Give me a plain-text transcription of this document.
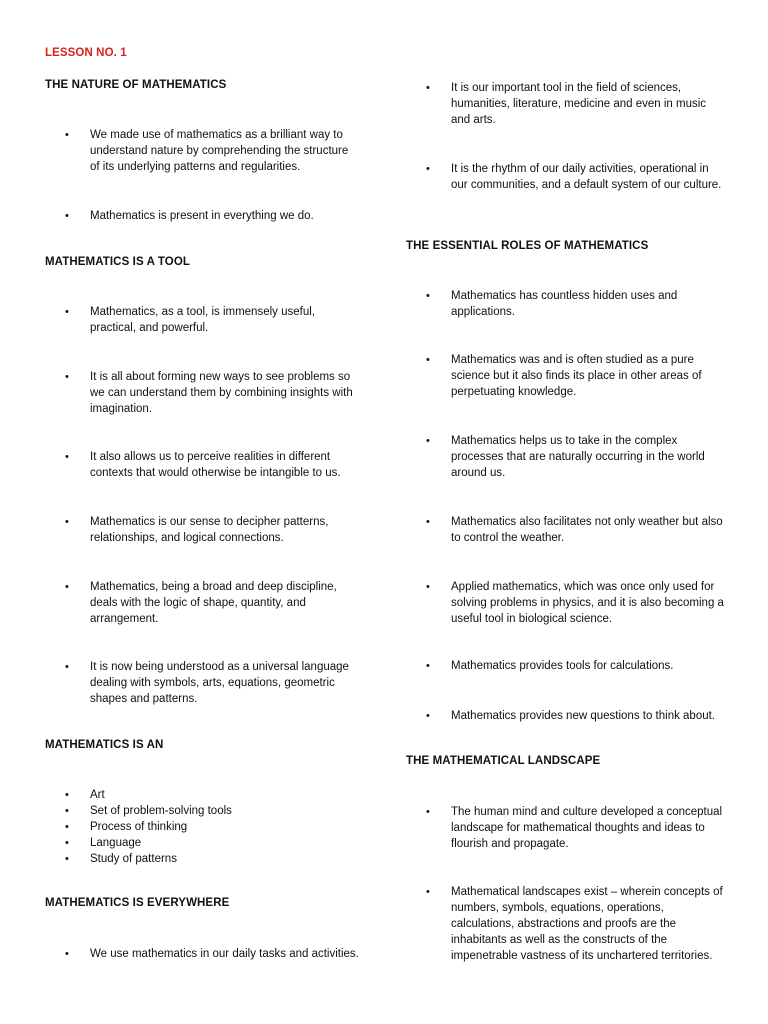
LESSON NO. 1
THE NATURE OF MATHEMATICS
• We made use of mathematics as a brilliant way to understand nature by comprehending the structure of its underlying patterns and regularities.
• Mathematics is present in everything we do.
MATHEMATICS IS A TOOL
• Mathematics, as a tool, is immensely useful, practical, and powerful.
• It is all about forming new ways to see problems so we can understand them by combining insights with imagination.
• It also allows us to perceive realities in different contexts that would otherwise be intangible to us.
• Mathematics is our sense to decipher patterns, relationships, and logical connections.
• Mathematics, being a broad and deep discipline, deals with the logic of shape, quantity, and arrangement.
• It is now being understood as a universal language dealing with symbols, arts, equations, geometric shapes and patterns.
MATHEMATICS IS AN
• Art
• Set of problem-solving tools
• Process of thinking
• Language
• Study of patterns
MATHEMATICS IS EVERYWHERE
• We use mathematics in our daily tasks and activities.
• It is our important tool in the field of sciences, humanities, literature, medicine and even in music and arts.
• It is the rhythm of our daily activities, operational in our communities, and a default system of our culture.
THE ESSENTIAL ROLES OF MATHEMATICS
• Mathematics has countless hidden uses and applications.
• Mathematics was and is often studied as a pure science but it also finds its place in other areas of perpetuating knowledge.
• Mathematics helps us to take in the complex processes that are naturally occurring in the world around us.
• Mathematics also facilitates not only weather but also to control the weather.
• Applied mathematics, which was once only used for solving problems in physics, and it is also becoming a useful tool in biological science.
• Mathematics provides tools for calculations.
• Mathematics provides new questions to think about.
THE MATHEMATICAL LANDSCAPE
• The human mind and culture developed a conceptual landscape for mathematical thoughts and ideas to flourish and propagate.
• Mathematical landscapes exist – wherein concepts of numbers, symbols, equations, operations, calculations, abstractions and proofs are the inhabitants as well as the constructs of the impenetrable vastness of its unchartered territories.
